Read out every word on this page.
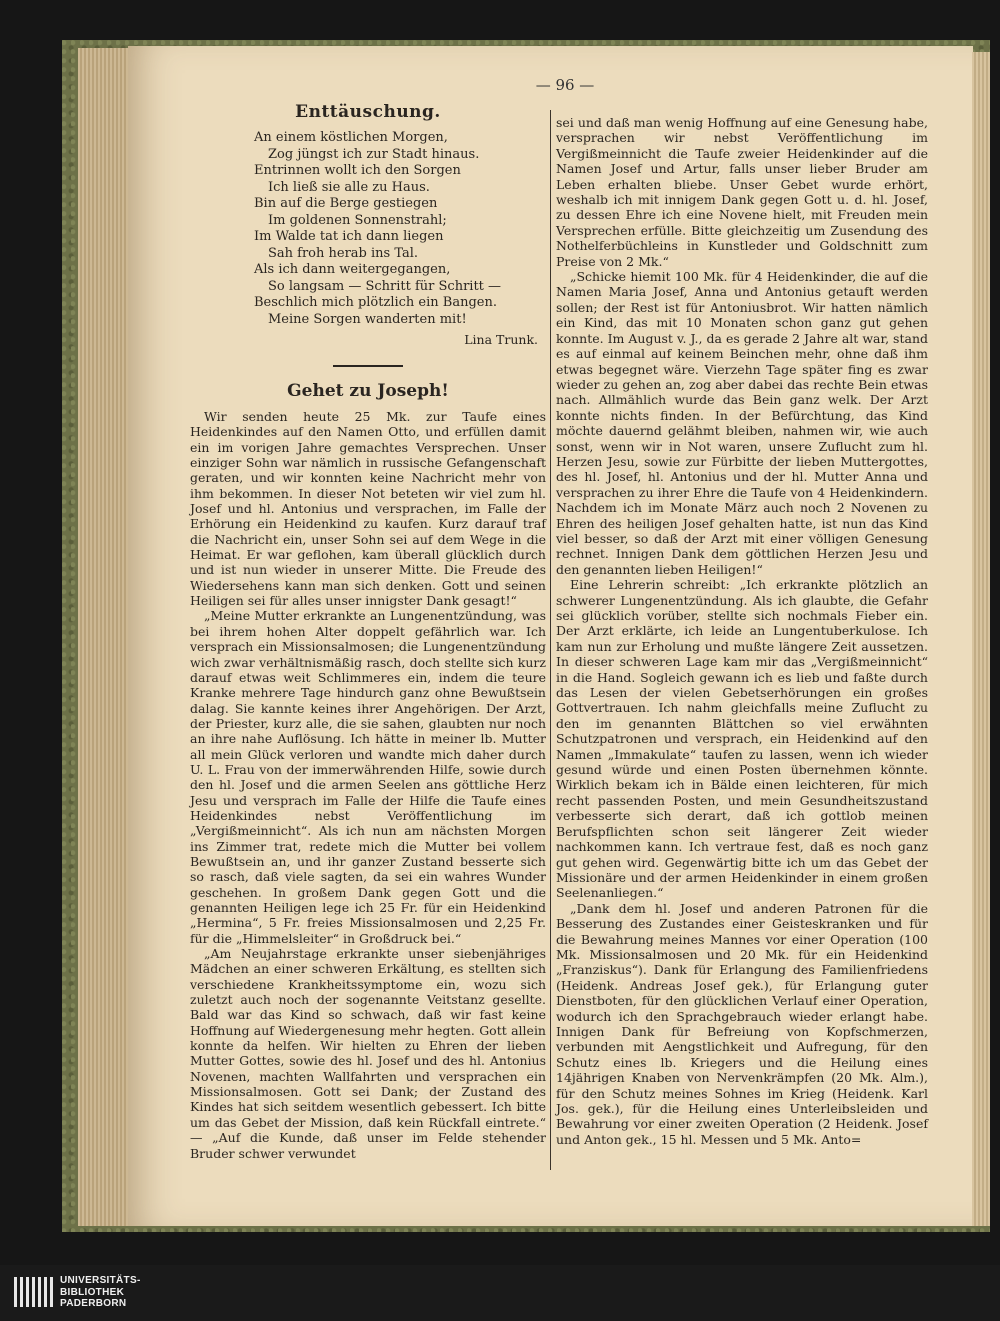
— 96 —
Enttäuschung.
An einem köstlichen Morgen,
Zog jüngst ich zur Stadt hinaus.
Entrinnen wollt ich den Sorgen
Ich ließ sie alle zu Haus.
Bin auf die Berge gestiegen
Im goldenen Sonnenstrahl;
Im Walde tat ich dann liegen
Sah froh herab ins Tal.
Als ich dann weitergegangen,
So langsam — Schritt für Schritt —
Beschlich mich plötzlich ein Bangen.
Meine Sorgen wanderten mit!
Lina Trunk.
Gehet zu Joseph!

Wir senden heute 25 Mk. zur Taufe eines Heidenkindes auf den Namen Otto, und erfüllen damit ein im vorigen Jahre gemachtes Versprechen. Unser einziger Sohn war nämlich in russische Gefangenschaft geraten, und wir konnten keine Nachricht mehr von ihm bekommen. In dieser Not beteten wir viel zum hl. Josef und hl. Antonius und versprachen, im Falle der Erhörung ein Heidenkind zu kaufen. Kurz darauf traf die Nachricht ein, unser Sohn sei auf dem Wege in die Heimat. Er war geflohen, kam überall glücklich durch und ist nun wieder in unserer Mitte. Die Freude des Wiedersehens kann man sich denken. Gott und seinen Heiligen sei für alles unser innigster Dank gesagt!“

„Meine Mutter erkrankte an Lungenentzündung, was bei ihrem hohen Alter doppelt gefährlich war. Ich versprach ein Missionsalmosen; die Lungenentzündung wich zwar verhältnismäßig rasch, doch stellte sich kurz darauf etwas weit Schlimmeres ein, indem die teure Kranke mehrere Tage hindurch ganz ohne Bewußtsein dalag. Sie kannte keines ihrer Angehörigen. Der Arzt, der Priester, kurz alle, die sie sahen, glaubten nur noch an ihre nahe Auflösung. Ich hätte in meiner lb. Mutter all mein Glück verloren und wandte mich daher durch U. L. Frau von der immerwährenden Hilfe, sowie durch den hl. Josef und die armen Seelen ans göttliche Herz Jesu und versprach im Falle der Hilfe die Taufe eines Heidenkindes nebst Veröffentlichung im „Vergißmeinnicht“. Als ich nun am nächsten Morgen ins Zimmer trat, redete mich die Mutter bei vollem Bewußtsein an, und ihr ganzer Zustand besserte sich so rasch, daß viele sagten, da sei ein wahres Wunder geschehen. In großem Dank gegen Gott und die genannten Heiligen lege ich 25 Fr. für ein Heidenkind „Hermina“, 5 Fr. freies Missionsalmosen und 2,25 Fr. für die „Himmelsleiter“ in Großdruck bei.“

„Am Neujahrstage erkrankte unser siebenjähriges Mädchen an einer schweren Erkältung, es stellten sich verschiedene Krankheitssymptome ein, wozu sich zuletzt auch noch der sogenannte Veitstanz gesellte. Bald war das Kind so schwach, daß wir fast keine Hoffnung auf Wiedergenesung mehr hegten. Gott allein konnte da helfen. Wir hielten zu Ehren der lieben Mutter Gottes, sowie des hl. Josef und des hl. Antonius Novenen, machten Wallfahrten und versprachen ein Missionsalmosen. Gott sei Dank; der Zustand des Kindes hat sich seitdem wesentlich gebessert. Ich bitte um das Gebet der Mission, daß kein Rückfall eintrete.“ — „Auf die Kunde, daß unser im Felde stehender Bruder schwer verwundet

sei und daß man wenig Hoffnung auf eine Genesung habe, versprachen wir nebst Veröffentlichung im Vergißmeinnicht die Taufe zweier Heidenkinder auf die Namen Josef und Artur, falls unser lieber Bruder am Leben erhalten bliebe. Unser Gebet wurde erhört, weshalb ich mit innigem Dank gegen Gott u. d. hl. Josef, zu dessen Ehre ich eine Novene hielt, mit Freuden mein Versprechen erfülle. Bitte gleichzeitig um Zusendung des Nothelferbüchleins in Kunstleder und Goldschnitt zum Preise von 2 Mk.“

„Schicke hiemit 100 Mk. für 4 Heidenkinder, die auf die Namen Maria Josef, Anna und Antonius getauft werden sollen; der Rest ist für Antoniusbrot. Wir hatten nämlich ein Kind, das mit 10 Monaten schon ganz gut gehen konnte. Im August v. J., da es gerade 2 Jahre alt war, stand es auf einmal auf keinem Beinchen mehr, ohne daß ihm etwas begegnet wäre. Vierzehn Tage später fing es zwar wieder zu gehen an, zog aber dabei das rechte Bein etwas nach. Allmählich wurde das Bein ganz welk. Der Arzt konnte nichts finden. In der Befürchtung, das Kind möchte dauernd gelähmt bleiben, nahmen wir, wie auch sonst, wenn wir in Not waren, unsere Zuflucht zum hl. Herzen Jesu, sowie zur Fürbitte der lieben Muttergottes, des hl. Josef, hl. Antonius und der hl. Mutter Anna und versprachen zu ihrer Ehre die Taufe von 4 Heidenkindern. Nachdem ich im Monate März auch noch 2 Novenen zu Ehren des heiligen Josef gehalten hatte, ist nun das Kind viel besser, so daß der Arzt mit einer völligen Genesung rechnet. Innigen Dank dem göttlichen Herzen Jesu und den genannten lieben Heiligen!“

Eine Lehrerin schreibt: „Ich erkrankte plötzlich an schwerer Lungenentzündung. Als ich glaubte, die Gefahr sei glücklich vorüber, stellte sich nochmals Fieber ein. Der Arzt erklärte, ich leide an Lungentuberkulose. Ich kam nun zur Erholung und mußte längere Zeit aussetzen. In dieser schweren Lage kam mir das „Vergißmeinnicht“ in die Hand. Sogleich gewann ich es lieb und faßte durch das Lesen der vielen Gebetserhörungen ein großes Gottvertrauen. Ich nahm gleichfalls meine Zuflucht zu den im genannten Blättchen so viel erwähnten Schutzpatronen und versprach, ein Heidenkind auf den Namen „Immakulate“ taufen zu lassen, wenn ich wieder gesund würde und einen Posten übernehmen könnte. Wirklich bekam ich in Bälde einen leichteren, für mich recht passenden Posten, und mein Gesundheitszustand verbesserte sich derart, daß ich gottlob meinen Berufspflichten schon seit längerer Zeit wieder nachkommen kann. Ich vertraue fest, daß es noch ganz gut gehen wird. Gegenwärtig bitte ich um das Gebet der Missionäre und der armen Heidenkinder in einem großen Seelenanliegen.“

„Dank dem hl. Josef und anderen Patronen für die Besserung des Zustandes einer Geisteskranken und für die Bewahrung meines Mannes vor einer Operation (100 Mk. Missionsalmosen und 20 Mk. für ein Heidenkind „Franziskus“). Dank für Erlangung des Familienfriedens (Heidenk. Andreas Josef gek.), für Erlangung guter Dienstboten, für den glücklichen Verlauf einer Operation, wodurch ich den Sprachgebrauch wieder erlangt habe. Innigen Dank für Befreiung von Kopfschmerzen, verbunden mit Aengstlichkeit und Aufregung, für den Schutz eines lb. Kriegers und die Heilung eines 14jährigen Knaben von Nervenkrämpfen (20 Mk. Alm.), für den Schutz meines Sohnes im Krieg (Heidenk. Karl Jos. gek.), für die Heilung eines Unterleibsleiden und Bewahrung vor einer zweiten Operation (2 Heidenk. Josef und Anton gek., 15 hl. Messen und 5 Mk. Anto=

UNIVERSITÄTS-
BIBLIOTHEK
PADERBORN
